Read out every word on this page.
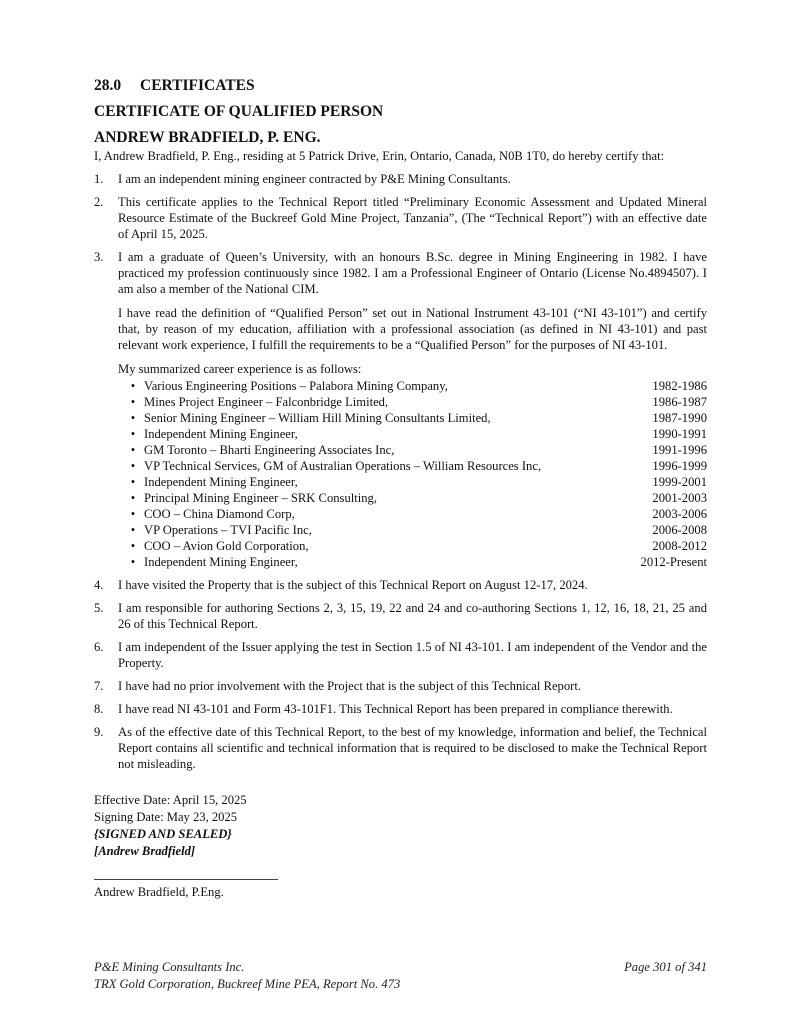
28.0	CERTIFICATES
CERTIFICATE OF QUALIFIED PERSON
ANDREW BRADFIELD, P. ENG.

I, Andrew Bradfield, P. Eng., residing at 5 Patrick Drive, Erin, Ontario, Canada, N0B 1T0, do hereby certify that:

1.	I am an independent mining engineer contracted by P&E Mining Consultants.

2.	This certificate applies to the Technical Report titled “Preliminary Economic Assessment and Updated Mineral Resource Estimate of the Buckreef Gold Mine Project, Tanzania”, (The “Technical Report”) with an effective date of April 15, 2025.

3.	I am a graduate of Queen’s University, with an honours B.Sc. degree in Mining Engineering in 1982. I have practiced my profession continuously since 1982. I am a Professional Engineer of Ontario (License No.4894507). I am also a member of the National CIM.

I have read the definition of “Qualified Person” set out in National Instrument 43-101 (“NI 43-101”) and certify that, by reason of my education, affiliation with a professional association (as defined in NI 43-101) and past relevant work experience, I fulfill the requirements to be a “Qualified Person” for the purposes of NI 43-101.

My summarized career experience is as follows:

• Various Engineering Positions – Palabora Mining Company,	1982-1986
• Mines Project Engineer – Falconbridge Limited,	1986-1987
• Senior Mining Engineer – William Hill Mining Consultants Limited,	1987-1990
• Independent Mining Engineer,	1990-1991
• GM Toronto – Bharti Engineering Associates Inc,	1991-1996
• VP Technical Services, GM of Australian Operations – William Resources Inc,	1996-1999
• Independent Mining Engineer,	1999-2001
• Principal Mining Engineer – SRK Consulting,	2001-2003
• COO – China Diamond Corp,	2003-2006
• VP Operations – TVI Pacific Inc,	2006-2008
• COO – Avion Gold Corporation,	2008-2012
• Independent Mining Engineer,	2012-Present
4.	I have visited the Property that is the subject of this Technical Report on August 12-17, 2024.

5.	I am responsible for authoring Sections 2, 3, 15, 19, 22 and 24 and co-authoring Sections 1, 12, 16, 18, 21, 25 and 26 of this Technical Report.

6.	I am independent of the Issuer applying the test in Section 1.5 of NI 43-101. I am independent of the Vendor and the Property.

7.	I have had no prior involvement with the Project that is the subject of this Technical Report.

8.	I have read NI 43-101 and Form 43-101F1. This Technical Report has been prepared in compliance therewith.

9.	As of the effective date of this Technical Report, to the best of my knowledge, information and belief, the Technical Report contains all scientific and technical information that is required to be disclosed to make the Technical Report not misleading.

Effective Date: April 15, 2025
Signing Date: May 23, 2025
{SIGNED AND SEALED}
[Andrew Bradfield]
Andrew Bradfield, P.Eng.
P&E Mining Consultants Inc.	Page 301 of 341
TRX Gold Corporation, Buckreef Mine PEA, Report No. 473
